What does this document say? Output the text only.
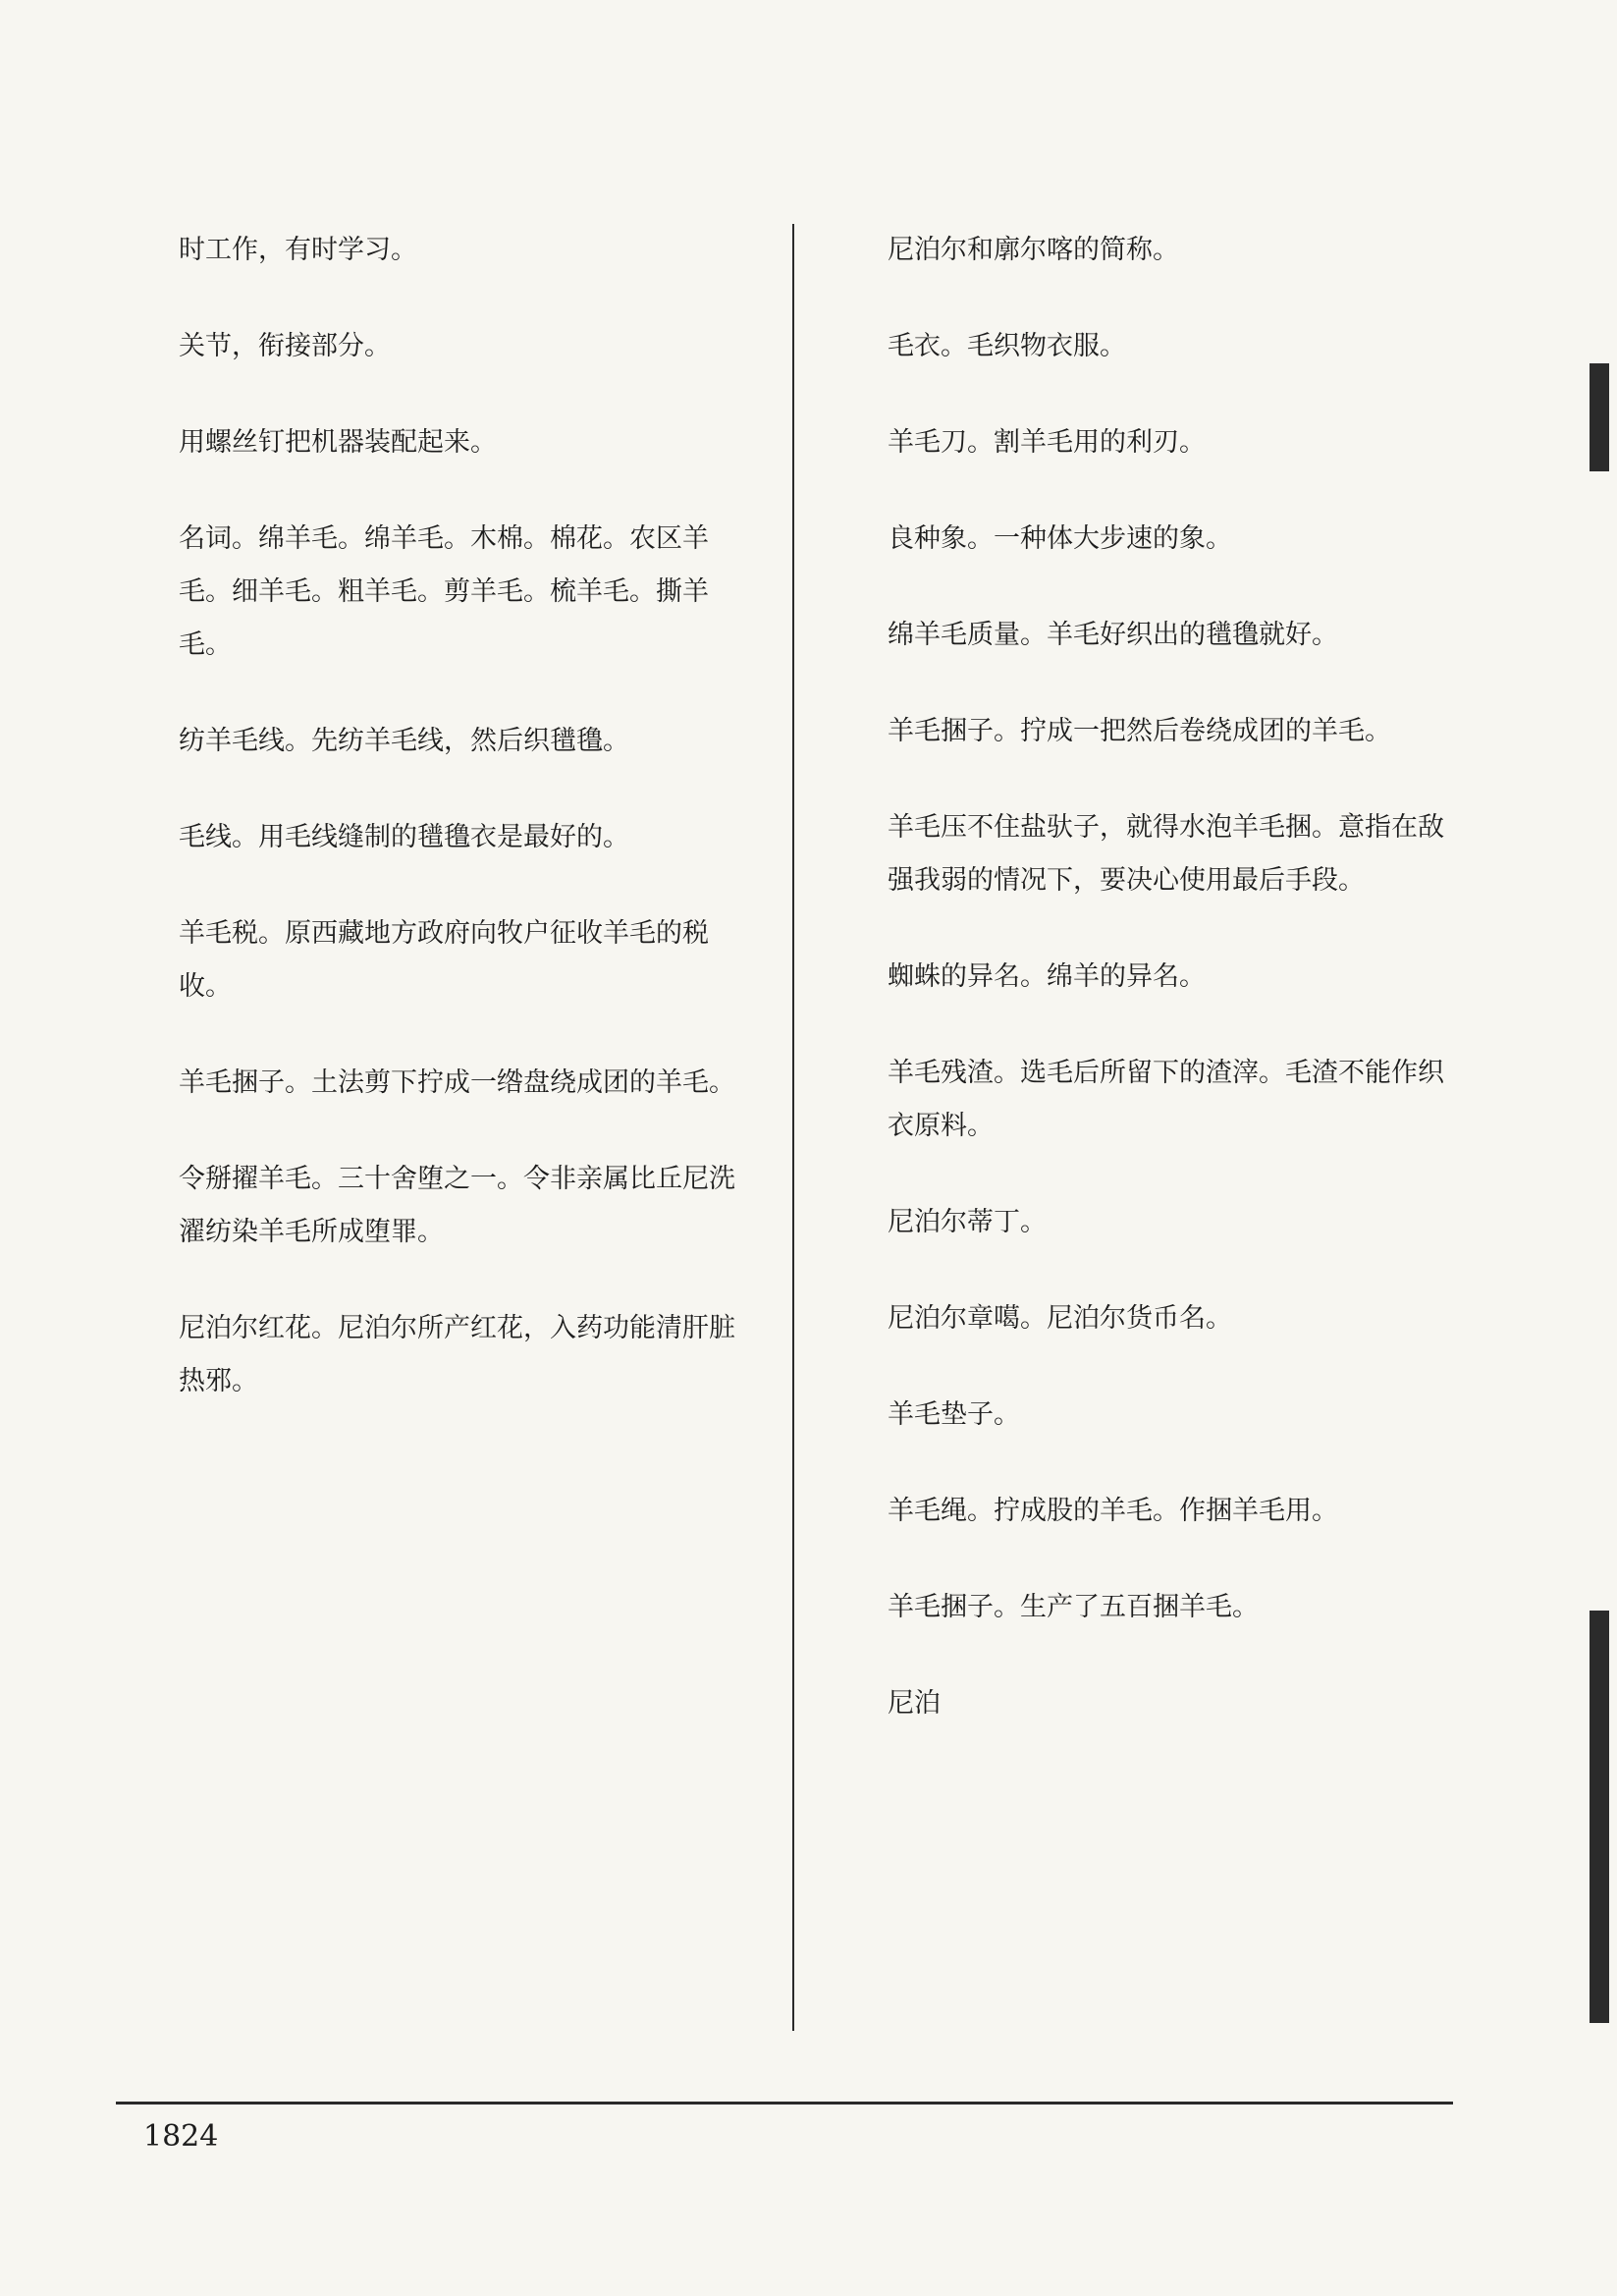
时工作，有时学习。
关节，衔接部分。
用螺丝钉把机器装配起来。
名词。绵羊毛。绵羊毛。木棉。棉花。农区羊毛。细羊毛。粗羊毛。剪羊毛。梳羊毛。撕羊毛。
纺羊毛线。先纺羊毛线，然后织氆氇。
毛线。用毛线缝制的氆氇衣是最好的。
羊毛税。原西藏地方政府向牧户征收羊毛的税收。
羊毛捆子。土法剪下拧成一绺盘绕成团的羊毛。
令掰擢羊毛。三十舍堕之一。令非亲属比丘尼洗濯纺染羊毛所成堕罪。
尼泊尔红花。尼泊尔所产红花，入药功能清肝脏热邪。
尼泊尔和廓尔喀的简称。
毛衣。毛织物衣服。
羊毛刀。割羊毛用的利刃。
良种象。一种体大步速的象。
绵羊毛质量。羊毛好织出的氆氇就好。
羊毛捆子。拧成一把然后卷绕成团的羊毛。
羊毛压不住盐驮子，就得水泡羊毛捆。意指在敌强我弱的情况下，要决心使用最后手段。
蜘蛛的异名。绵羊的异名。
羊毛残渣。选毛后所留下的渣滓。毛渣不能作织衣原料。
尼泊尔蒂丁。
尼泊尔章噶。尼泊尔货币名。
羊毛垫子。
羊毛绳。拧成股的羊毛。作捆羊毛用。
羊毛捆子。生产了五百捆羊毛。
尼泊
1824
